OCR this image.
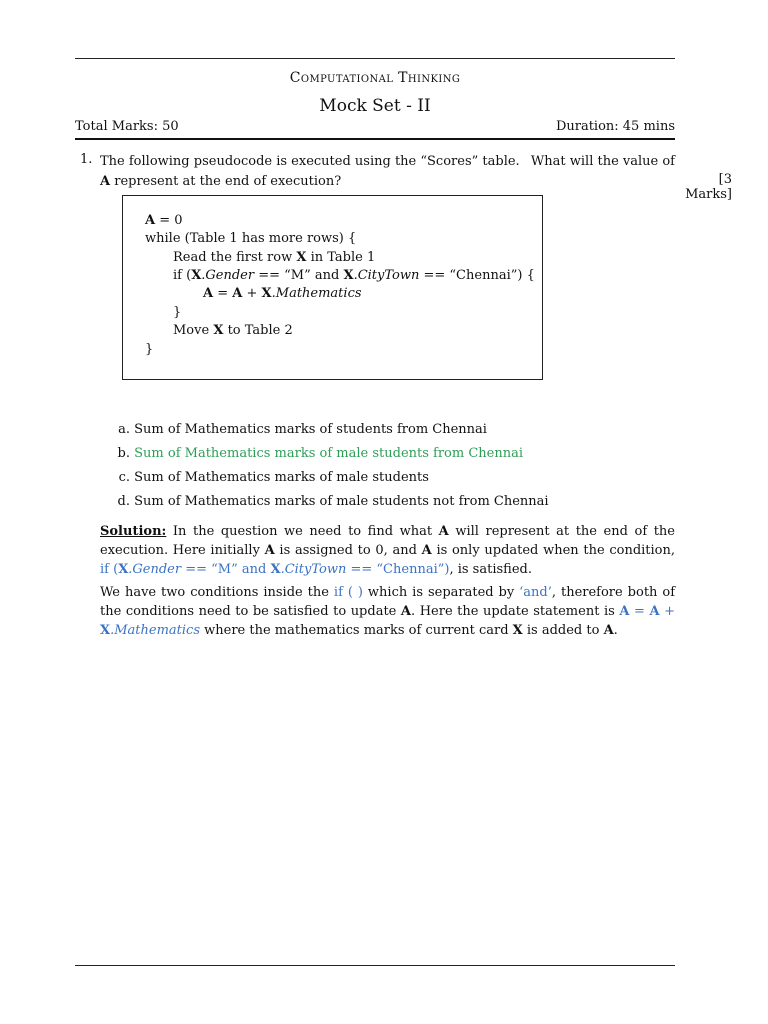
Computational Thinking
Mock Set - II
Total Marks: 50	Duration: 45 mins
1. The following pseudocode is executed using the “Scores” table. What will the value of
A represent at the end of execution?	[3 Marks]
A = 0
while (Table 1 has more rows) {
Read the first row X in Table 1
if (X.Gender == “M” and X.CityTown == “Chennai”) {
A = A + X.Mathematics
}
Move X to Table 2
}
a. Sum of Mathematics marks of students from Chennai
b. Sum of Mathematics marks of male students from Chennai
c. Sum of Mathematics marks of male students
d. Sum of Mathematics marks of male students not from Chennai
Solution: In the question we need to find what A will represent at the end of the execution. Here initially A is assigned to 0, and A is only updated when the condition, if (X.Gender == “M” and X.CityTown == “Chennai”), is satisfied.
We have two conditions inside the if ( ) which is separated by ‘and’, therefore both of the conditions need to be satisfied to update A. Here the update statement is A = A + X.Mathematics where the mathematics marks of current card X is added to A.
